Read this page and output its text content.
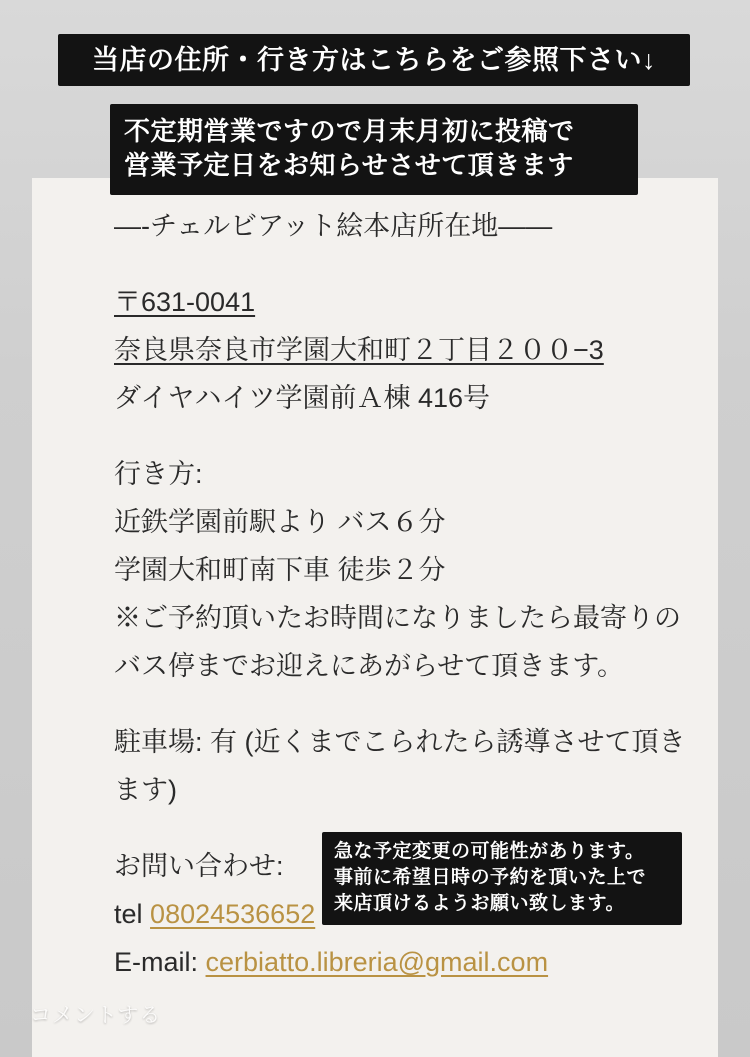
—-チェルビアット絵本店所在地——
〒631-0041
奈良県奈良市学園大和町２丁目２００−3
ダイヤハイツ学園前Ａ棟 416号
行き方:
近鉄学園前駅より バス６分
学園大和町南下車 徒歩２分
※ご予約頂いたお時間になりましたら最寄りのバス停までお迎えにあがらせて頂きます。
駐車場: 有 (近くまでこられたら誘導させて頂きます)
お問い合わせ:
tel 08024536652
E-mail: cerbiatto.libreria@gmail.com
当店の住所・行き方はこちらをご参照下さい↓
不定期営業ですので月末月初に投稿で
営業予定日をお知らせさせて頂きます
急な予定変更の可能性があります。
事前に希望日時の予約を頂いた上で
来店頂けるようお願い致します。
コメントする
